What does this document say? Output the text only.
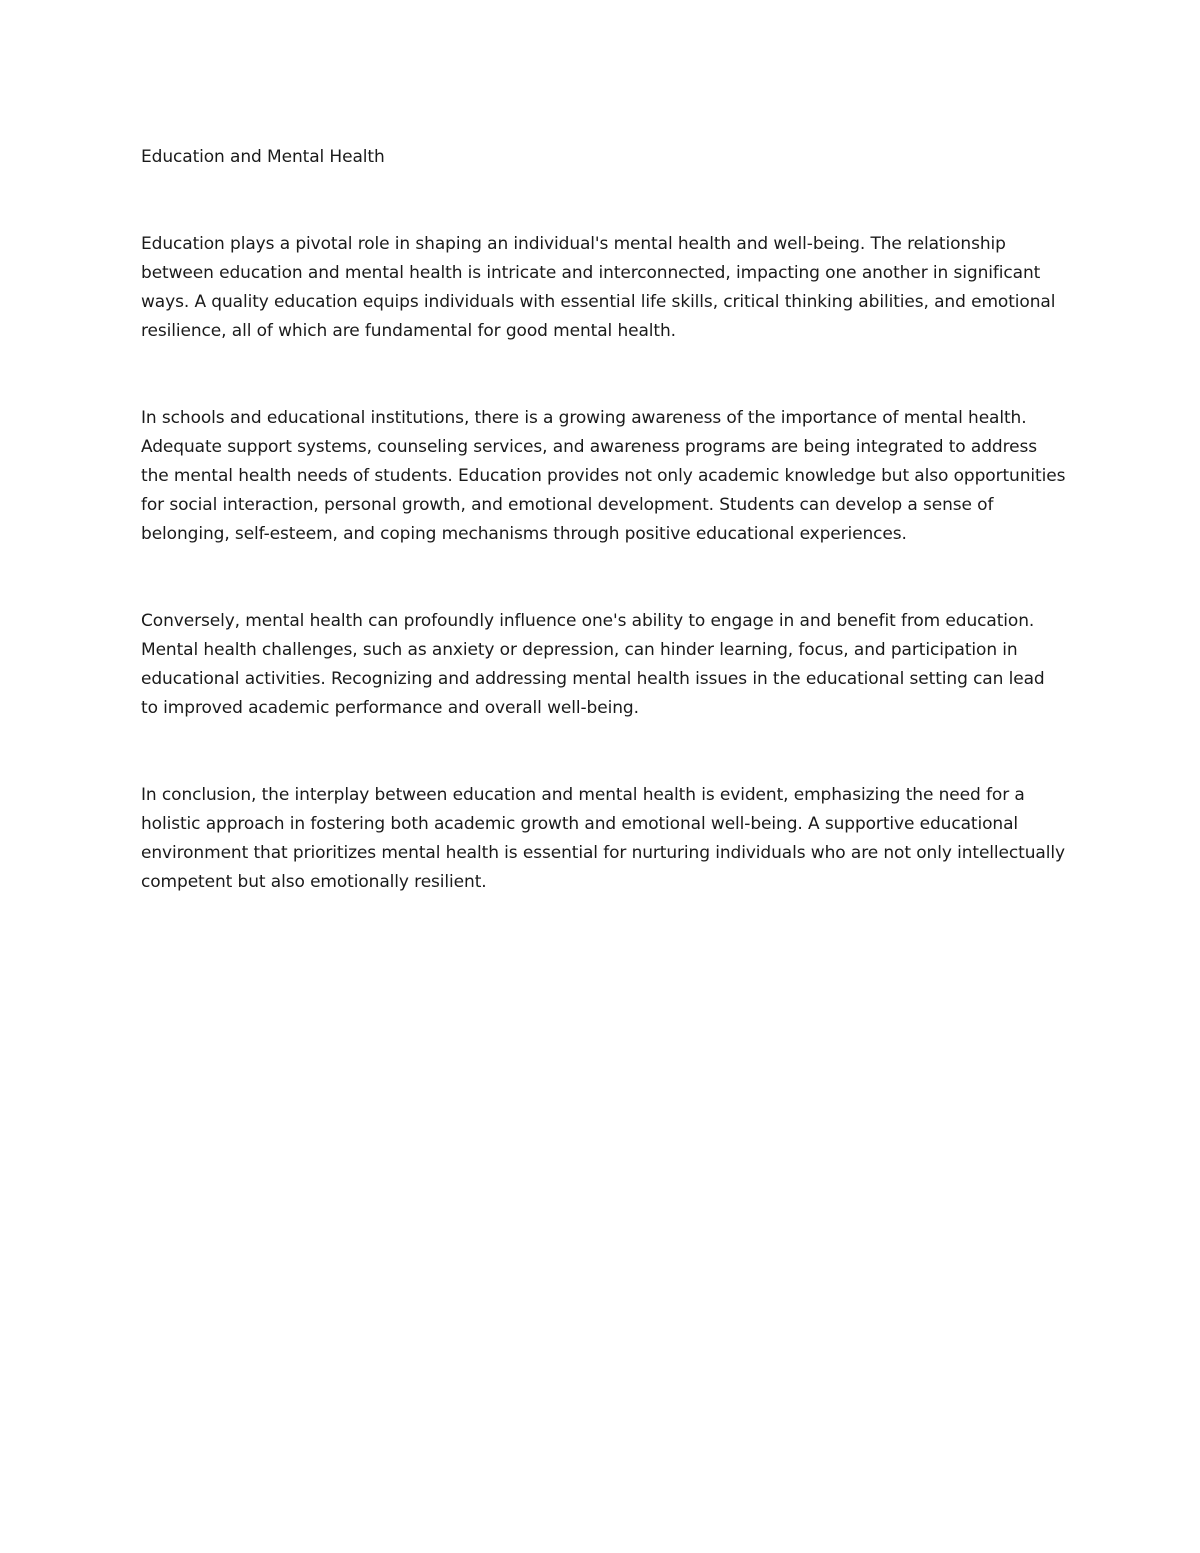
Education and Mental Health

Education plays a pivotal role in shaping an individual's mental health and well-being. The relationship between education and mental health is intricate and interconnected, impacting one another in significant ways. A quality education equips individuals with essential life skills, critical thinking abilities, and emotional resilience, all of which are fundamental for good mental health.

In schools and educational institutions, there is a growing awareness of the importance of mental health. Adequate support systems, counseling services, and awareness programs are being integrated to address the mental health needs of students. Education provides not only academic knowledge but also opportunities for social interaction, personal growth, and emotional development. Students can develop a sense of belonging, self-esteem, and coping mechanisms through positive educational experiences.

Conversely, mental health can profoundly influence one's ability to engage in and benefit from education. Mental health challenges, such as anxiety or depression, can hinder learning, focus, and participation in educational activities. Recognizing and addressing mental health issues in the educational setting can lead to improved academic performance and overall well-being.

In conclusion, the interplay between education and mental health is evident, emphasizing the need for a holistic approach in fostering both academic growth and emotional well-being. A supportive educational environment that prioritizes mental health is essential for nurturing individuals who are not only intellectually competent but also emotionally resilient.
